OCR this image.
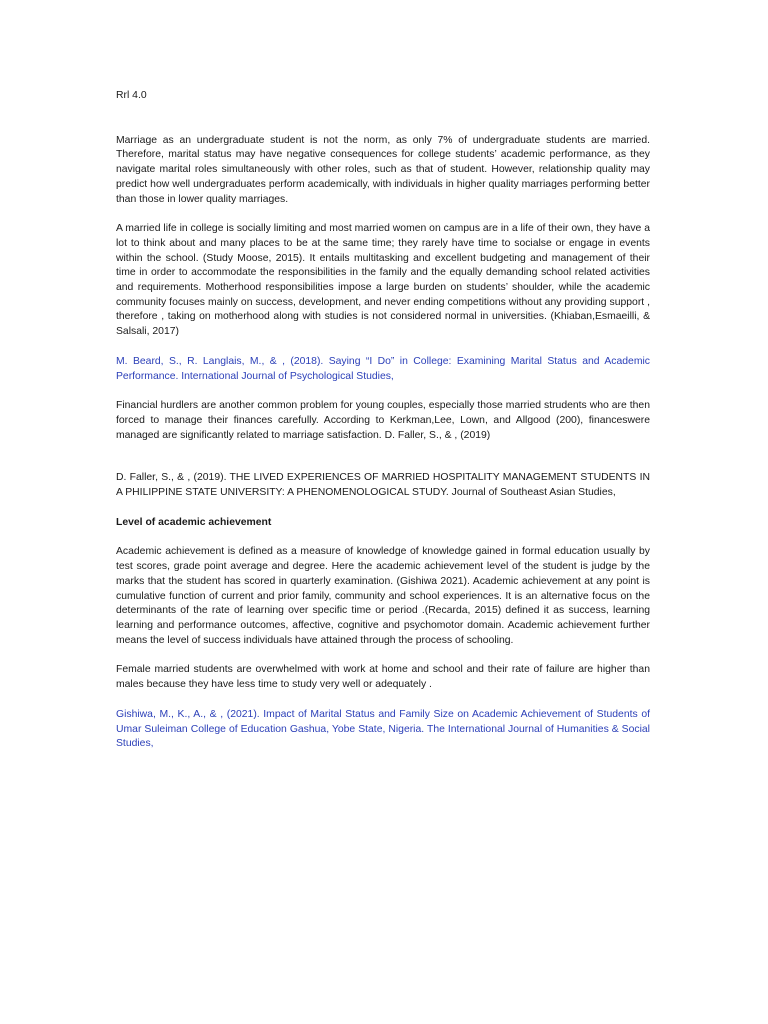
Rrl 4.0

Marriage as an undergraduate student is not the norm, as only 7% of undergraduate students are married. Therefore, marital status may have negative consequences for college students’ academic performance, as they navigate marital roles simultaneously with other roles, such as that of student. However, relationship quality may predict how well undergraduates perform academically, with individuals in higher quality marriages performing better than those in lower quality marriages.

A married life in college is socially limiting and most married women on campus are in a life of their own, they have a lot to think about and many places to be at the same time; they rarely have time to socialse or engage in events within the school. (Study Moose, 2015). It entails multitasking and excellent budgeting and management of their time in order to accommodate the responsibilities in the family and the equally demanding school related activities and requirements. Motherhood responsibilities impose a large burden on students’ shoulder, while the academic community focuses mainly on success, development, and never ending competitions without any providing support , therefore , taking on motherhood along with studies is not considered normal in universities. (Khiaban,Esmaeilli, & Salsali, 2017)

M. Beard, S., R. Langlais, M., & , (2018). Saying “I Do” in College: Examining Marital Status and Academic Performance. International Journal of Psychological Studies,

Financial hurdlers are another common problem for young couples, especially those married strudents who are then forced to manage their finances carefully. According to Kerkman,Lee, Lown, and Allgood (200), financeswere managed are significantly related to marriage satisfaction. D. Faller, S., & , (2019)

D. Faller, S., & , (2019). THE LIVED EXPERIENCES OF MARRIED HOSPITALITY MANAGEMENT STUDENTS IN A PHILIPPINE STATE UNIVERSITY: A PHENOMENOLOGICAL STUDY. Journal of Southeast Asian Studies,

Level of academic achievement

Academic achievement is defined as a measure of knowledge of knowledge gained in formal education usually by test scores, grade point average and degree. Here the academic achievement level of the student is judge by the marks that the student has scored in quarterly examination. (Gishiwa 2021). Academic achievement at any point is cumulative function of current and prior family, community and school experiences. It is an alternative focus on the determinants of the rate of learning over specific time or period .(Recarda, 2015) defined it as success, learning learning and performance outcomes, affective, cognitive and psychomotor domain. Academic achievement further means the level of success individuals have attained through the process of schooling.

Female married students are overwhelmed with work at home and school and their rate of failure are higher than males because they have less time to study very well or adequately .

Gishiwa, M., K., A., & , (2021). Impact of Marital Status and Family Size on Academic Achievement of Students of Umar Suleiman College of Education Gashua, Yobe State, Nigeria. The International Journal of Humanities & Social Studies,
